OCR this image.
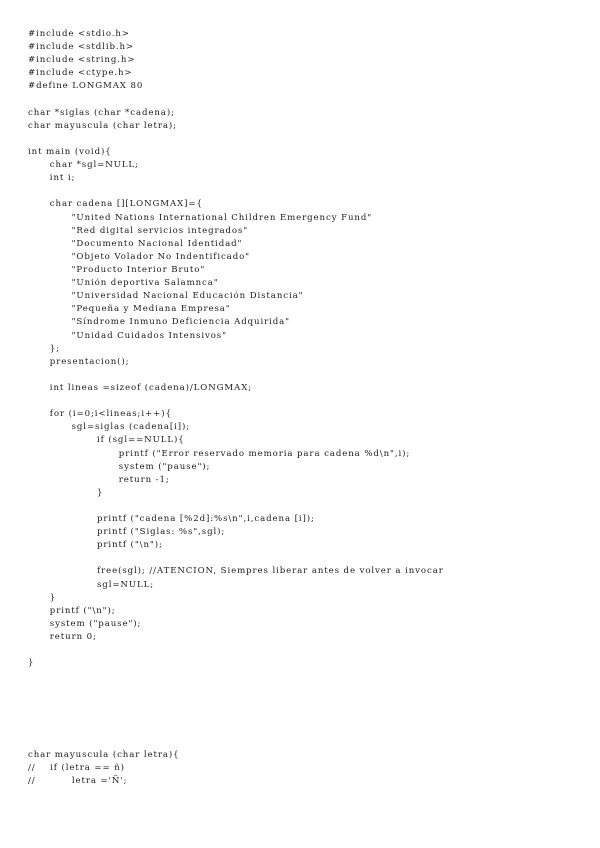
#include <stdio.h>
#include <stdlib.h>
#include <string.h>
#include <ctype.h>
#define LONGMAX 80
char *siglas (char *cadena);
char mayuscula (char letra);
int main (void){
char *sgl=NULL;
int i;
char cadena [][LONGMAX]={
"United Nations International Children Emergency Fund"
"Red digital servicios integrados"
"Documento Nacional Identidad"
"Objeto Volador No Indentificado"
"Producto Interior Bruto"
"Unión deportiva Salamnca"
"Universidad Nacional Educación Distancia"
"Pequeña y Mediana Empresa"
"Síndrome Inmuno Deficiencia Adquirida"
"Unidad Cuidados Intensivos"
};
presentacion();
int lineas =sizeof (cadena)/LONGMAX;
for (i=0;i<lineas;i++){
sgl=siglas (cadena[i]);
if (sgl==NULL){
printf ("Error reservado memoria para cadena %d\n",i);
system ("pause");
return -1;
}
printf ("cadena [%2d]:%s\n",i,cadena [i]);
printf ("Siglas: %s",sgl);
printf ("\n");
free(sgl); //ATENCION, Siempres liberar antes de volver a invocar
sgl=NULL;
}
printf ("\n");
system ("pause");
return 0;
}
char mayuscula (char letra){
//    if (letra == ñ)
//          letra ='Ñ';
